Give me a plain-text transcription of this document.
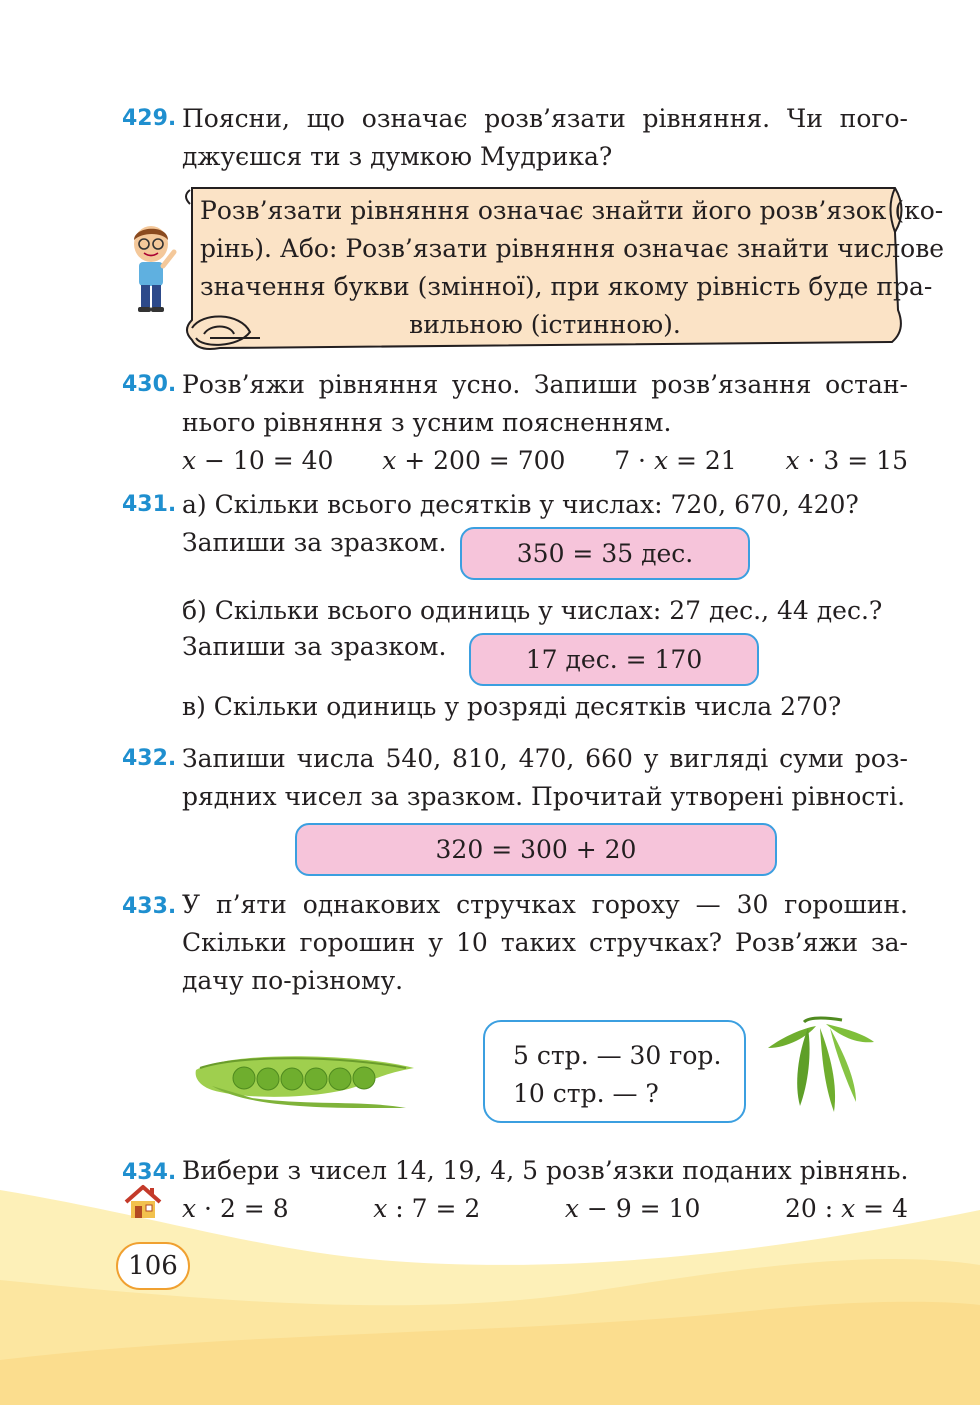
429. Поясни, що означає розв’язати рівняння. Чи пого-
джуєшся ти з думкою Мудрика?
Розв’язати рівняння означає знайти його розв’язок (ко-
рінь). Або: Розв’язати рівняння означає знайти числове
значення букви (змінної), при якому рівність буде пра-
вильною (істинною).
430. Розв’яжи рівняння усно. Запиши розв’язання остан-
нього рівняння з усним поясненням.
x − 10 = 40 x + 200 = 700 7 · x = 21 x · 3 = 15
431. а) Скільки всього десятків у числах: 720, 670, 420?
Запиши за зразком.	350 = 35 дес.
б) Скільки всього одиниць у числах: 27 дес., 44 дес.?
Запиши за зразком.	17 дес. = 170
в) Скільки одиниць у розряді десятків числа 270?
432. Запиши числа 540, 810, 470, 660 у вигляді суми роз-
рядних чисел за зразком. Прочитай утворені рівності.
320 = 300 + 20
433. У п’яти однакових стручках гороху — 30 горошин.
Скільки горошин у 10 таких стручках? Розв’яжи за-
дачу по-різному.
5 стр. — 30 гор.
10 стр. — ?
434. Вибери з чисел 14, 19, 4, 5 розв’язки поданих рівнянь.
x · 2 = 8	x : 7 = 2	x − 9 = 10	20 : x = 4
106
